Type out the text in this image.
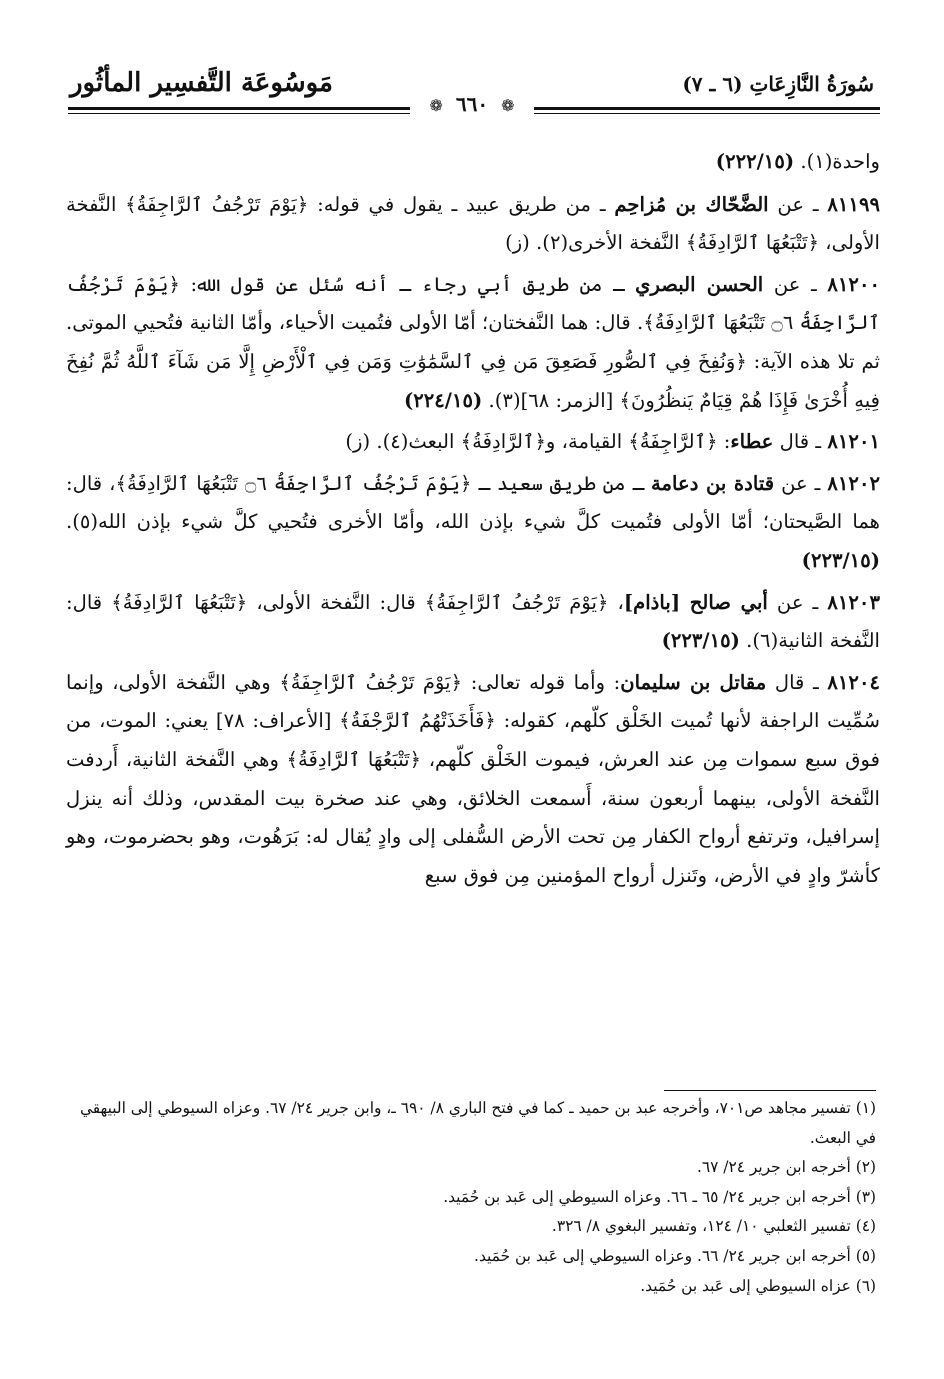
مَوسُوعَة التَّفسِير المأثُور	سُورَةُ النَّازِعَاتِ (٦ ـ ٧)
❁ ٦٦٠ ❁

واحدة(١). (٢٢٢/١٥)

٨١١٩٩ ـ عن الضَّحّاك بن مُزاحِم ـ من طريق عبيد ـ يقول في قوله: ﴿يَوْمَ تَرْجُفُ ٱلرَّاجِفَةُ﴾ النَّفخة الأولى، ﴿تَتْبَعُهَا ٱلرَّادِفَةُ﴾ النَّفخة الأخرى(٢). (ز)

٨١٢٠٠ ـ عن الحسن البصري ـ من طريق أبي رجاء ـ أنه سُئل عن قول الله: ﴿يَوْمَ تَرْجُفُ ٱلرَّاجِفَةُ ۝٦ تَتْبَعُهَا ٱلرَّادِفَةُ﴾. قال: هما النَّفختان؛ أمّا الأولى فتُميت الأحياء، وأمّا الثانية فتُحيي الموتى. ثم تلا هذه الآية: ﴿وَنُفِخَ فِي ٱلصُّورِ فَصَعِقَ مَن فِي ٱلسَّمَٰوَٰتِ وَمَن فِي ٱلْأَرْضِ إِلَّا مَن شَآءَ ٱللَّهُ ثُمَّ نُفِخَ فِيهِ أُخْرَىٰ فَإِذَا هُمْ قِيَامٌ يَنظُرُونَ﴾ [الزمر: ٦٨](٣). (٢٢٤/١٥)

٨١٢٠١ ـ قال عطاء: ﴿ٱلرَّاجِفَةُ﴾ القيامة، و﴿ٱلرَّادِفَةُ﴾ البعث(٤). (ز)

٨١٢٠٢ ـ عن قتادة بن دعامة ـ من طريق سعيد ـ ﴿يَوْمَ تَرْجُفُ ٱلرَّاجِفَةُ ۝٦ تَتْبَعُهَا ٱلرَّادِفَةُ﴾، قال: هما الصَّيحتان؛ أمّا الأولى فتُميت كلَّ شيء بإذن الله، وأمّا الأخرى فتُحيي كلَّ شيء بإذن الله(٥). (٢٢٣/١٥)

٨١٢٠٣ ـ عن أبي صالح [باذام]، ﴿يَوْمَ تَرْجُفُ ٱلرَّاجِفَةُ﴾ قال: النَّفخة الأولى، ﴿تَتْبَعُهَا ٱلرَّادِفَةُ﴾ قال: النَّفخة الثانية(٦). (٢٢٣/١٥)

٨١٢٠٤ ـ قال مقاتل بن سليمان: وأما قوله تعالى: ﴿يَوْمَ تَرْجُفُ ٱلرَّاجِفَةُ﴾ وهي النَّفخة الأولى، وإنما سُمِّيت الراجفة لأنها تُميت الخَلْق كلّهم، كقوله: ﴿فَأَخَذَتْهُمُ ٱلرَّجْفَةُ﴾ [الأعراف: ٧٨] يعني: الموت، من فوق سبع سموات مِن عند العرش، فيموت الخَلْق كلّهم، ﴿تَتْبَعُهَا ٱلرَّادِفَةُ﴾ وهي النَّفخة الثانية، أَردفت النَّفخة الأولى، بينهما أربعون سنة، أَسمعت الخلائق، وهي عند صخرة بيت المقدس، وذلك أنه ينزل إسرافيل، وترتفع أرواح الكفار مِن تحت الأرض السُّفلى إلى وادٍ يُقال له: بَرَهُوت، وهو بحضرموت، وهو كأشرّ وادٍ في الأرض، وتَنزل أرواح المؤمنين مِن فوق سبع

(١) تفسير مجاهد ص٧٠١، وأخرجه عبد بن حميد ـ كما في فتح الباري ٨/ ٦٩٠ ـ، وابن جرير ٢٤/ ٦٧. وعزاه السيوطي إلى البيهقي في البعث.

(٢) أخرجه ابن جرير ٢٤/ ٦٧.

(٣) أخرجه ابن جرير ٢٤/ ٦٥ ـ ٦٦. وعزاه السيوطي إلى عَبد بن حُمَيد.

(٤) تفسير الثعلبي ١٠/ ١٢٤، وتفسير البغوي ٨/ ٣٢٦.

(٥) أخرجه ابن جرير ٢٤/ ٦٦. وعزاه السيوطي إلى عَبد بن حُمَيد.

(٦) عزاه السيوطي إلى عَبد بن حُمَيد.
